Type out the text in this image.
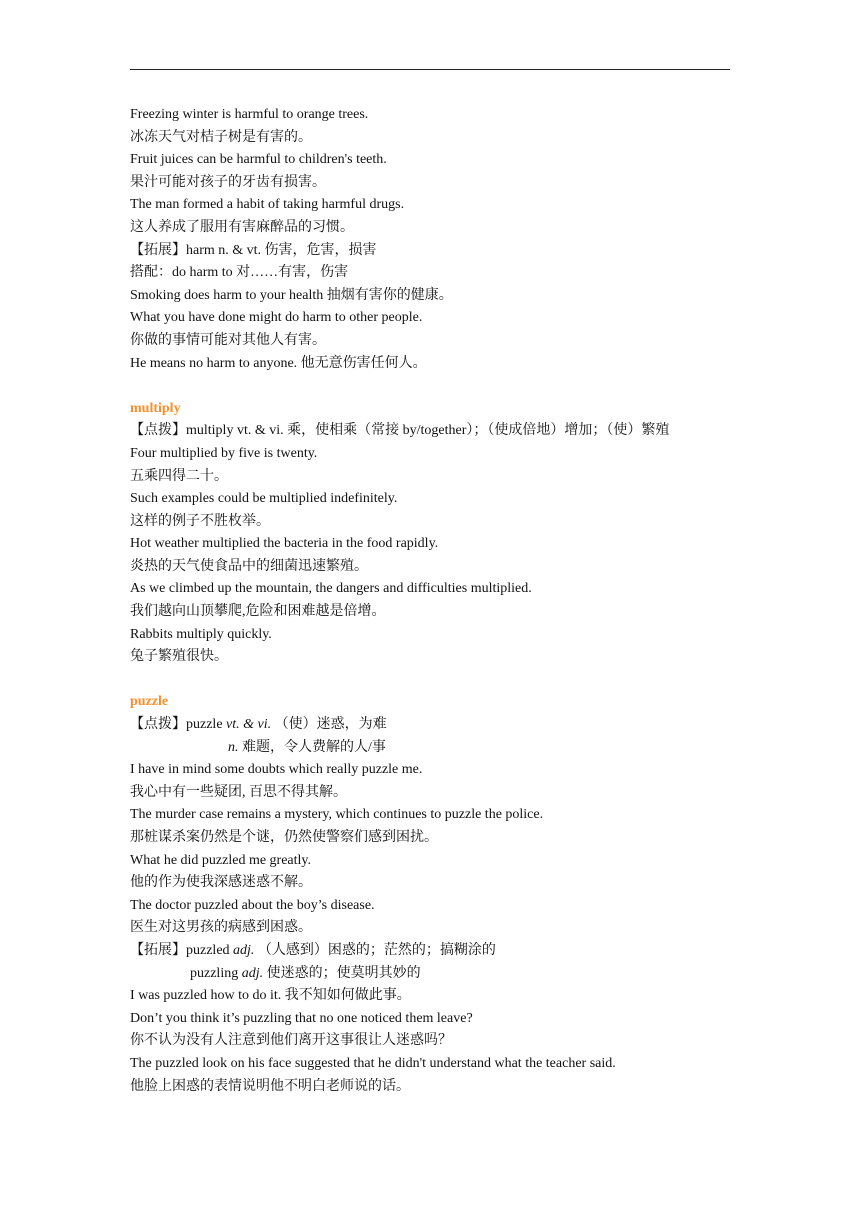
Freezing winter is harmful to orange trees.
冰冻天气对桔子树是有害的。
Fruit juices can be harmful to children's teeth.
果汁可能对孩子的牙齿有损害。
The man formed a habit of taking harmful drugs.
这人养成了服用有害麻醉品的习惯。
【拓展】harm n. & vt. 伤害，危害，损害
搭配：do harm to 对……有害，伤害
Smoking does harm to your health 抽烟有害你的健康。
What you have done might do harm to other people.
你做的事情可能对其他人有害。
He means no harm to anyone. 他无意伤害任何人。
multiply
【点拨】multiply vt. & vi. 乘，使相乘（常接 by/together）；（使成倍地）增加；（使）繁殖
Four multiplied by five is twenty.
五乘四得二十。
Such examples could be multiplied indefinitely.
这样的例子不胜枚举。
Hot weather multiplied the bacteria in the food rapidly.
炎热的天气使食品中的细菌迅速繁殖。
As we climbed up the mountain, the dangers and difficulties multiplied.
我们越向山顶攀爬,危险和困难越是倍增。
Rabbits multiply quickly.
兔子繁殖很快。
puzzle
【点拨】puzzle vt. & vi. （使）迷惑，为难
n. 难题，令人费解的人/事
I have in mind some doubts which really puzzle me.
我心中有一些疑团, 百思不得其解。
The murder case remains a mystery, which continues to puzzle the police.
那桩谋杀案仍然是个谜，仍然使警察们感到困扰。
What he did puzzled me greatly.
他的作为使我深感迷惑不解。
The doctor puzzled about the boy’s disease.
医生对这男孩的病感到困惑。
【拓展】puzzled adj. （人感到）困惑的；茫然的；搞糊涂的
puzzling adj. 使迷惑的；使莫明其妙的
I was puzzled how to do it. 我不知如何做此事。
Don’t you think it’s puzzling that no one noticed them leave?
你不认为没有人注意到他们离开这事很让人迷惑吗？
The puzzled look on his face suggested that he didn't understand what the teacher said.
他脸上困惑的表情说明他不明白老师说的话。
